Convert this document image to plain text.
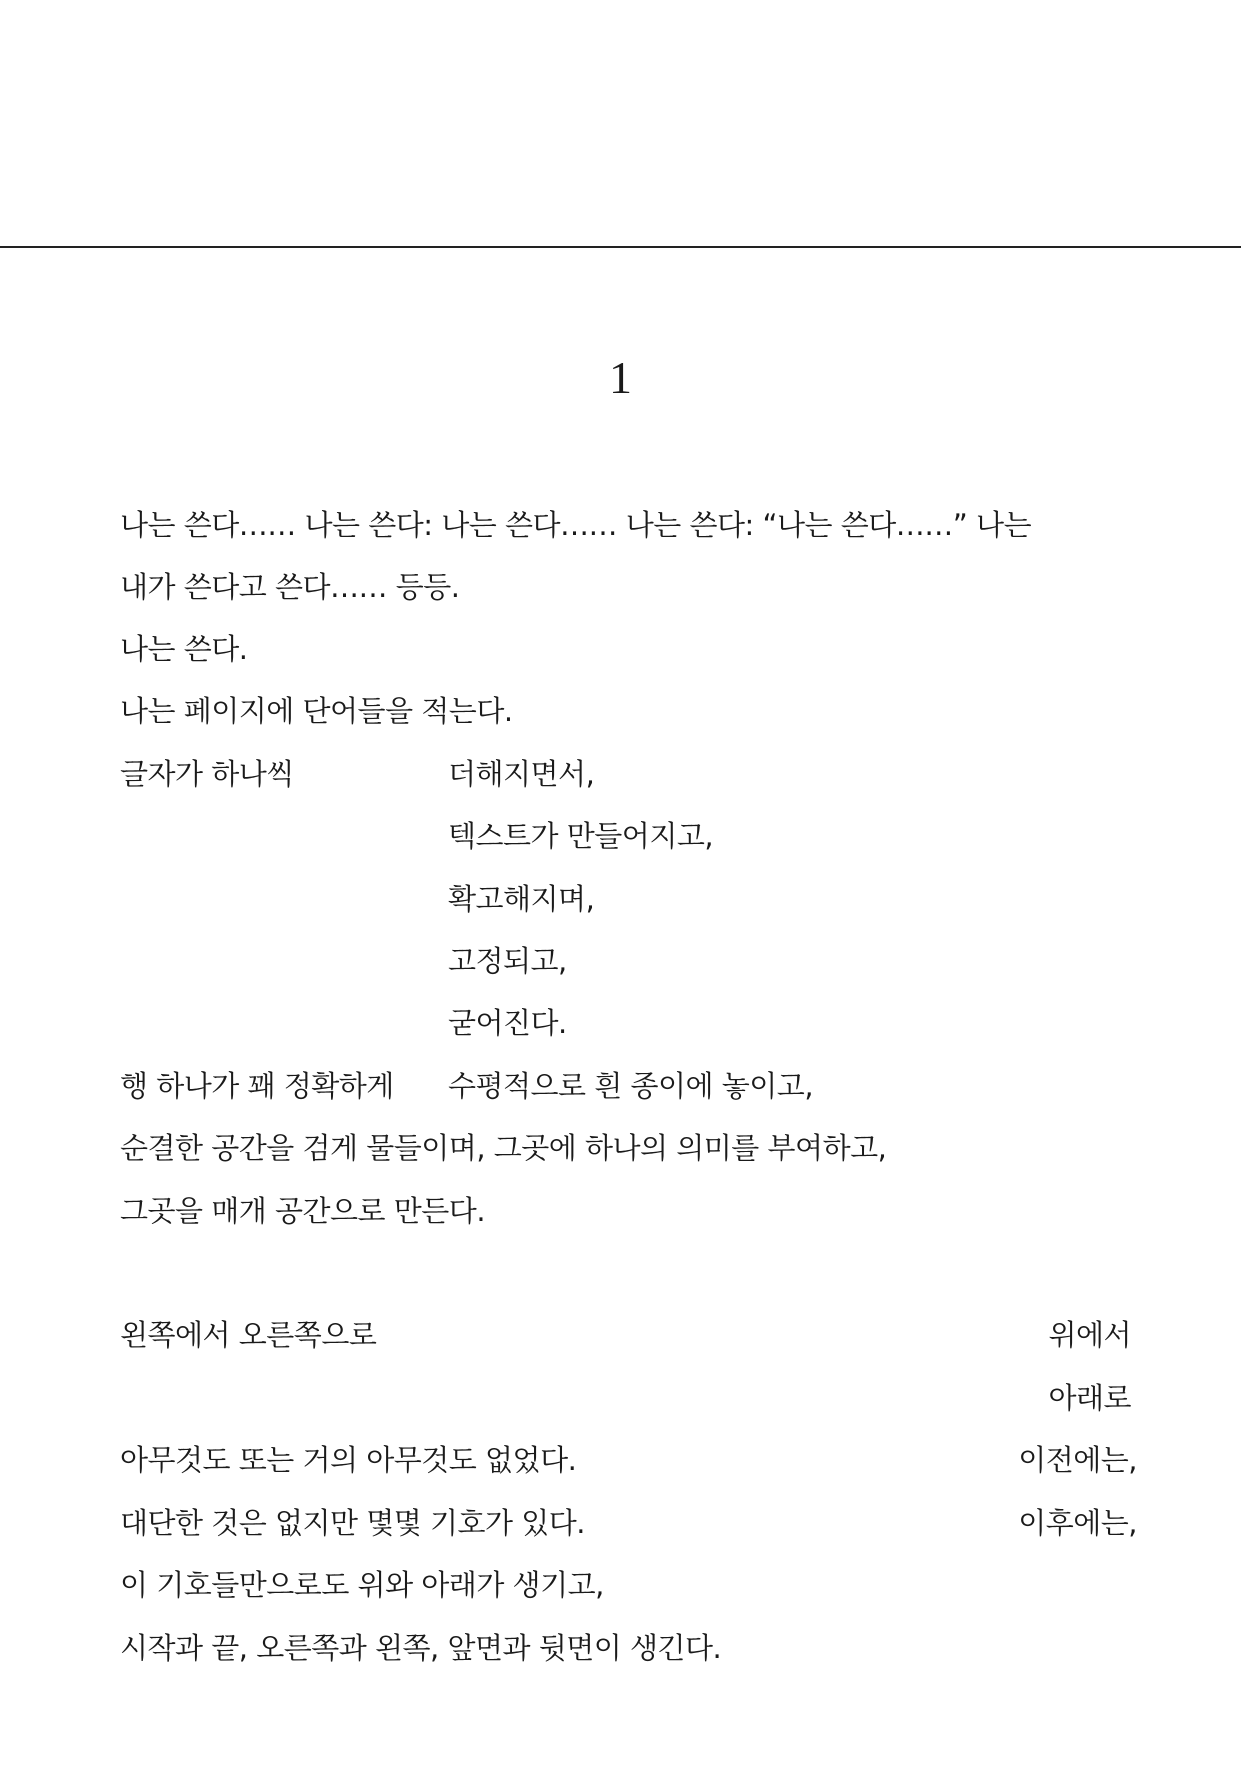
1
나는 쓴다…… 나는 쓴다: 나는 쓴다…… 나는 쓴다: “나는 쓴다……” 나는
내가 쓴다고 쓴다…… 등등.
나는 쓴다.
나는 페이지에 단어들을 적는다.
글자가 하나씩	더해지면서,
텍스트가 만들어지고,
확고해지며,
고정되고,
굳어진다.
행 하나가 꽤 정확하게 수평적으로 흰 종이에 놓이고,
순결한 공간을 검게 물들이며, 그곳에 하나의 의미를 부여하고,
그곳을 매개 공간으로 만든다.
왼쪽에서 오른쪽으로	위에서
아래로
아무것도 또는 거의 아무것도 없었다.	이전에는,
대단한 것은 없지만 몇몇 기호가 있다.	이후에는,
이 기호들만으로도 위와 아래가 생기고,
시작과 끝, 오른쪽과 왼쪽, 앞면과 뒷면이 생긴다.
